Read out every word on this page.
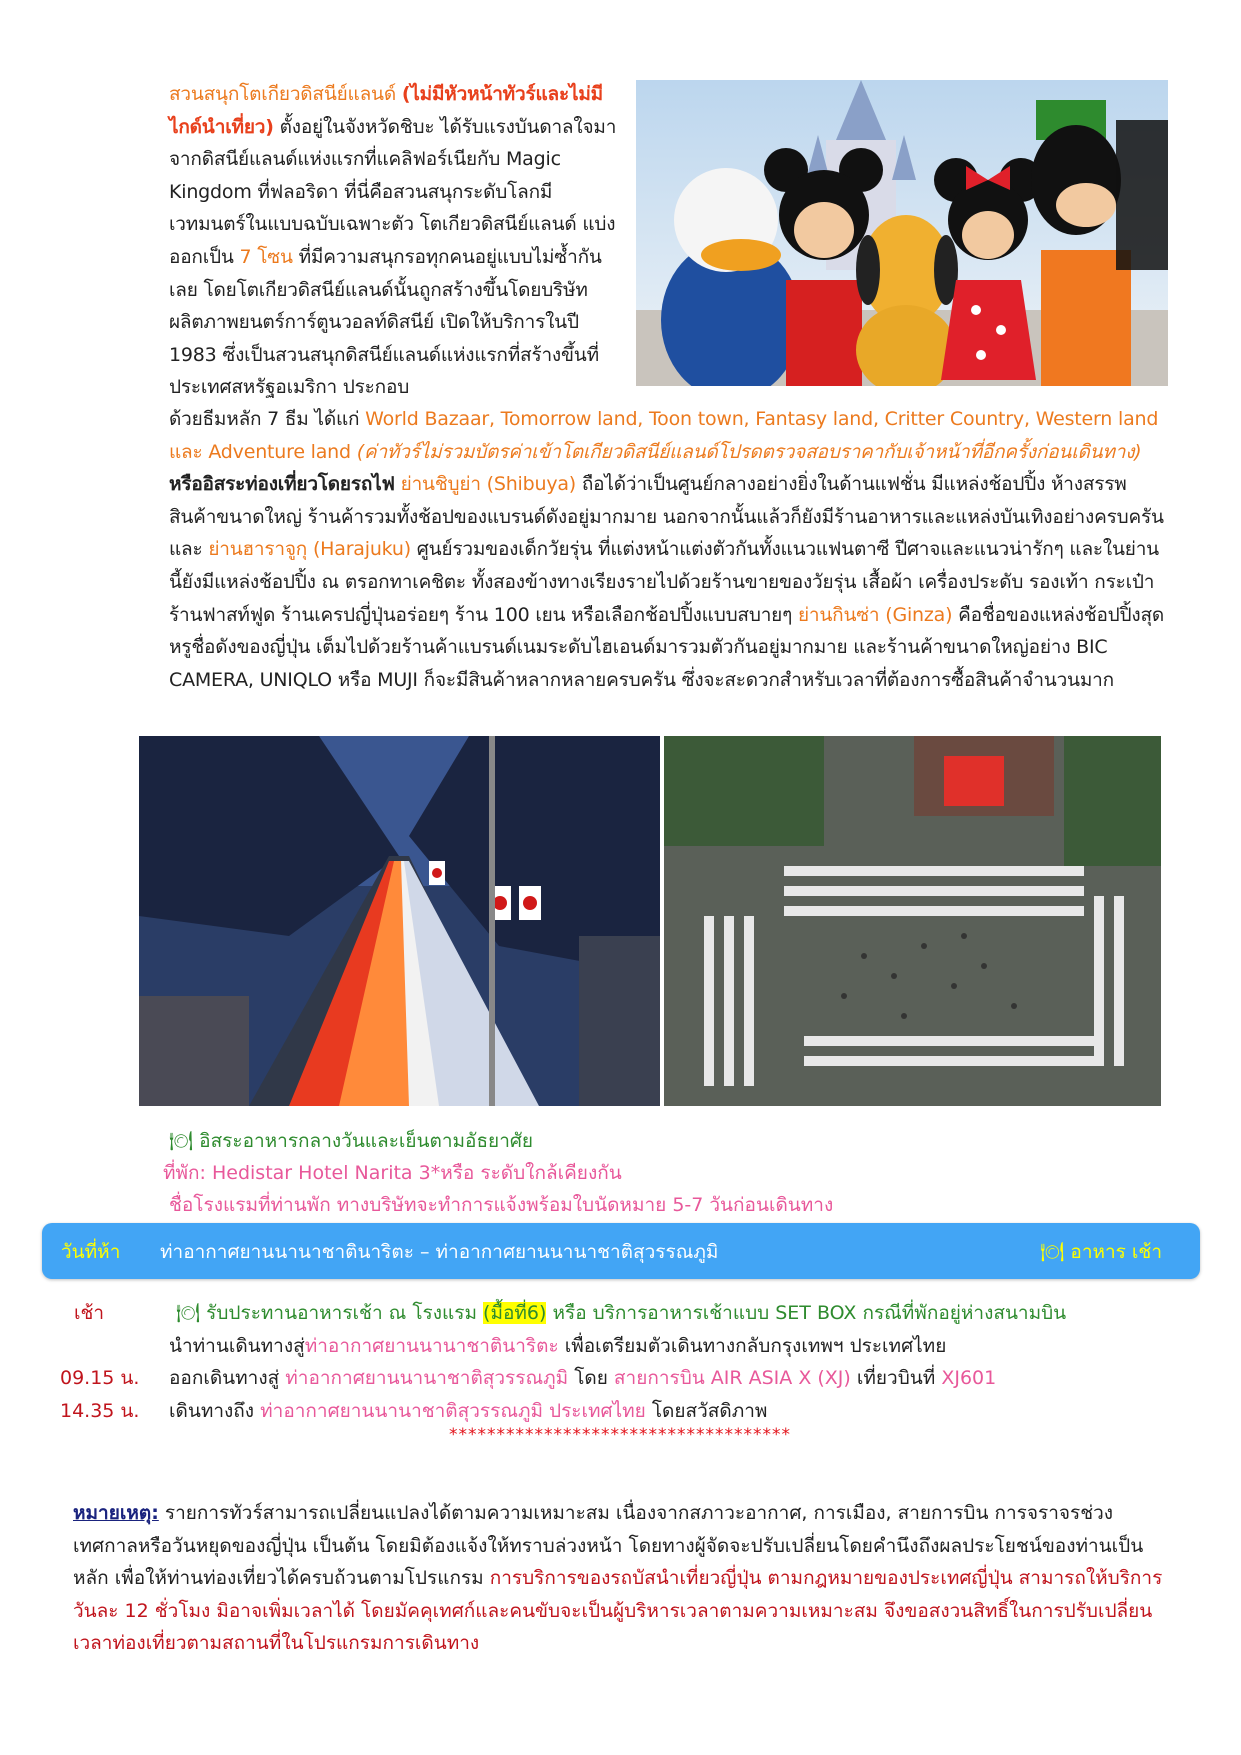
สวนสนุกโตเกียวดิสนีย์แลนด์ (ไม่มีหัวหน้าทัวร์และไม่มีไกด์นำเที่ยว) ตั้งอยู่ในจังหวัดชิบะ ได้รับแรงบันดาลใจมาจากดิสนีย์แลนด์แห่งแรกที่แคลิฟอร์เนียกับ Magic Kingdom ที่ฟลอริดา ที่นี่คือสวนสนุกระดับโลกมีเวทมนตร์ในแบบฉบับเฉพาะตัว โตเกียวดิสนีย์แลนด์ แบ่งออกเป็น 7 โซน ที่มีความสนุกรอทุกคนอยู่แบบไม่ซ้ำกันเลย โดยโตเกียวดิสนีย์แลนด์นั้นถูกสร้างขึ้นโดยบริษัทผลิตภาพยนตร์การ์ตูนวอลท์ดิสนีย์ เปิดให้บริการในปี 1983 ซึ่งเป็นสวนสนุกดิสนีย์แลนด์แห่งแรกที่สร้างขึ้นที่ประเทศสหรัฐอเมริกา ประกอบ
ด้วยธีมหลัก 7 ธีม ได้แก่ World Bazaar, Tomorrow land, Toon town, Fantasy land, Critter Country, Western land และ Adventure land (ค่าทัวร์ไม่รวมบัตรค่าเข้าโตเกียวดิสนีย์แลนด์โปรดตรวจสอบราคากับเจ้าหน้าที่อีกครั้งก่อนเดินทาง) หรืออิสระท่องเที่ยวโดยรถไฟ ย่านชิบูย่า (Shibuya) ถือได้ว่าเป็นศูนย์กลางอย่างยิ่งในด้านแฟชั่น มีแหล่งช้อปปิ้ง ห้างสรรพสินค้าขนาดใหญ่ ร้านค้ารวมทั้งช้อปของแบรนด์ดังอยู่มากมาย นอกจากนั้นแล้วก็ยังมีร้านอาหารและแหล่งบันเทิงอย่างครบครัน และ ย่านฮาราจูกุ (Harajuku) ศูนย์รวมของเด็กวัยรุ่น ที่แต่งหน้าแต่งตัวกันทั้งแนวแฟนตาซี ปีศาจและแนวน่ารักๆ และในย่านนี้ยังมีแหล่งช้อปปิ้ง ณ ตรอกทาเคชิตะ ทั้งสองข้างทางเรียงรายไปด้วยร้านขายของวัยรุ่น เสื้อผ้า เครื่องประดับ รองเท้า กระเป๋า ร้านฟาสท์ฟูด ร้านเครปญี่ปุ่นอร่อยๆ ร้าน 100 เยน หรือเลือกช้อปปิ้งแบบสบายๆ ย่านกินซ่า (Ginza) คือชื่อของแหล่งช้อปปิ้งสุดหรูชื่อดังของญี่ปุ่น เต็มไปด้วยร้านค้าแบรนด์เนมระดับไฮเอนด์มารวมตัวกันอยู่มากมาย และร้านค้าขนาดใหญ่อย่าง BIC CAMERA, UNIQLO หรือ MUJI ก็จะมีสินค้าหลากหลายครบครัน ซึ่งจะสะดวกสำหรับเวลาที่ต้องการซื้อสินค้าจำนวนมาก
🍽 อิสระอาหารกลางวันและเย็นตามอัธยาศัย
ที่พัก: Hedistar Hotel Narita 3*หรือ ระดับใกล้เคียงกัน
ชื่อโรงแรมที่ท่านพัก ทางบริษัทจะทำการแจ้งพร้อมใบนัดหมาย 5-7 วันก่อนเดินทาง
วันที่ห้า ท่าอากาศยานนานาชาตินาริตะ – ท่าอากาศยานนานาชาติสุวรรณภูมิ	🍽 อาหาร เช้า
เช้า	🍽 รับประทานอาหารเช้า ณ โรงแรม (มื้อที่6) หรือ บริการอาหารเช้าแบบ SET BOX กรณีที่พักอยู่ห่างสนามบิน
นำท่านเดินทางสู่ท่าอากาศยานนานาชาตินาริตะ เพื่อเตรียมตัวเดินทางกลับกรุงเทพฯ ประเทศไทย
09.15 น. ออกเดินทางสู่ ท่าอากาศยานนานาชาติสุวรรณภูมิ โดย สายการบิน AIR ASIA X (XJ) เที่ยวบินที่ XJ601
14.35 น. เดินทางถึง ท่าอากาศยานนานาชาติสุวรรณภูมิ ประเทศไทย โดยสวัสดิภาพ
************************************
หมายเหตุ: รายการทัวร์สามารถเปลี่ยนแปลงได้ตามความเหมาะสม เนื่องจากสภาวะอากาศ, การเมือง, สายการบิน การจราจรช่วงเทศกาลหรือวันหยุดของญี่ปุ่น เป็นต้น โดยมิต้องแจ้งให้ทราบล่วงหน้า โดยทางผู้จัดจะปรับเปลี่ยนโดยคำนึงถึงผลประโยชน์ของท่านเป็นหลัก เพื่อให้ท่านท่องเที่ยวได้ครบถ้วนตามโปรแกรม การบริการของรถบัสนำเที่ยวญี่ปุ่น ตามกฎหมายของประเทศญี่ปุ่น สามารถให้บริการวันละ 12 ชั่วโมง มิอาจเพิ่มเวลาได้ โดยมัคคุเทศก์และคนขับจะเป็นผู้บริหารเวลาตามความเหมาะสม จึงขอสงวนสิทธิ์ในการปรับเปลี่ยนเวลาท่องเที่ยวตามสถานที่ในโปรแกรมการเดินทาง
